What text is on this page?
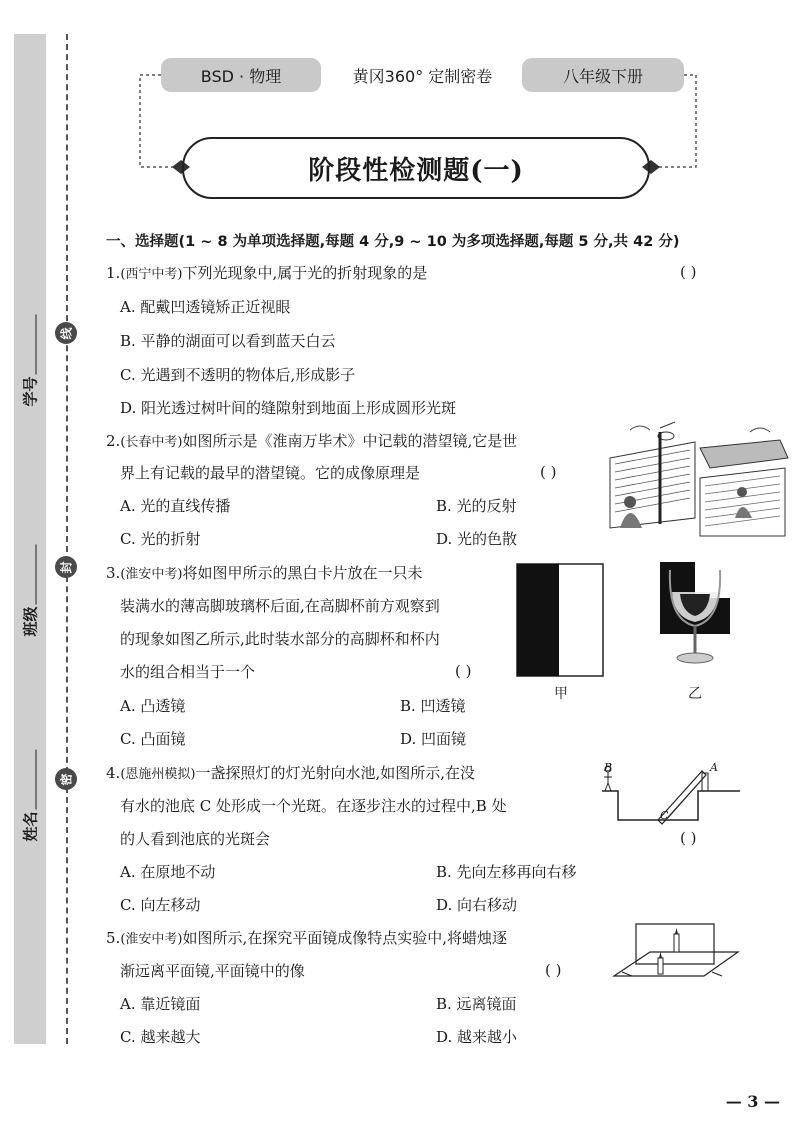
学号
班级
姓名
线
封
密
BSD · 物理	黄冈360° 定制密卷	八年级下册
阶段性检测题(一)
一、选择题(1 ~ 8 为单项选择题,每题 4 分,9 ~ 10 为多项选择题,每题 5 分,共 42 分)
1.(西宁中考)下列光现象中,属于光的折射现象的是	( )
A. 配戴凹透镜矫正近视眼
B. 平静的湖面可以看到蓝天白云
C. 光遇到不透明的物体后,形成影子
D. 阳光透过树叶间的缝隙射到地面上形成圆形光斑
2.(长春中考)如图所示是《淮南万毕术》中记载的潜望镜,它是世
界上有记载的最早的潜望镜。它的成像原理是	( )
A. 光的直线传播	B. 光的反射
C. 光的折射	D. 光的色散
3.(淮安中考)将如图甲所示的黑白卡片放在一只未
装满水的薄高脚玻璃杯后面,在高脚杯前方观察到
的现象如图乙所示,此时装水部分的高脚杯和杯内
水的组合相当于一个	( )
A. 凸透镜	B. 凹透镜
C. 凸面镜	D. 凹面镜
甲	乙
4.(恩施州模拟)一盏探照灯的灯光射向水池,如图所示,在没
有水的池底 C 处形成一个光斑。在逐步注水的过程中,B 处
的人看到池底的光斑会	( )
A. 在原地不动	B. 先向左移再向右移
C. 向左移动	D. 向右移动
B	A
C
5.(淮安中考)如图所示,在探究平面镜成像特点实验中,将蜡烛逐
渐远离平面镜,平面镜中的像	( )
A. 靠近镜面	B. 远离镜面
C. 越来越大	D. 越来越小
— 3 —
